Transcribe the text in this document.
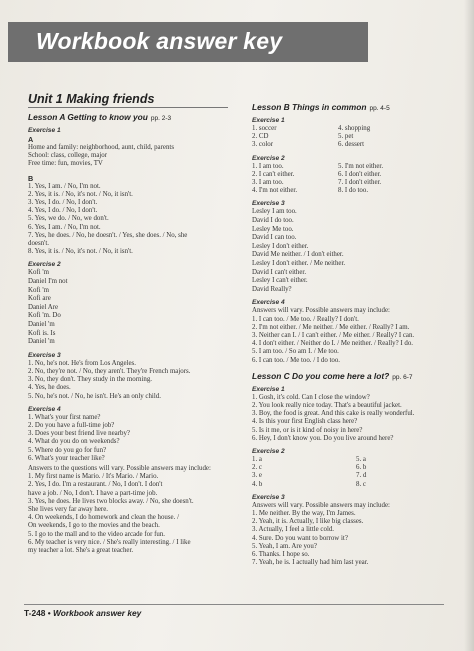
Workbook answer key
Unit 1 Making friends
Lesson A Getting to know you pp. 2-3
Exercise 1
A
Home and family: neighborhood, aunt, child, parents
School: class, college, major
Free time: fun, movies, TV
B
1. Yes, I am. / No, I'm not.
2. Yes, it is. / No, it's not. / No, it isn't.
3. Yes, I do. / No, I don't.
4. Yes, I do. / No, I don't.
5. Yes, we do. / No, we don't.
6. Yes, I am. / No, I'm not.
7. Yes, he does. / No, he doesn't. / Yes, she does. / No, she
doesn't.
8. Yes, it is. / No, it's not. / No, it isn't.
Exercise 2
Kofi 'm
Daniel I'm not
Kofi 'm
Kofi are
Daniel Are
Kofi 'm. Do
Daniel 'm
Kofi is. Is
Daniel 'm
Exercise 3
1. No, he's not. He's from Los Angeles.
2. No, they're not. / No, they aren't. They're French majors.
3. No, they don't. They study in the morning.
4. Yes, he does.
5. No, he's not. / No, he isn't. He's an only child.
Exercise 4
1. What's your first name?
2. Do you have a full-time job?
3. Does your best friend live nearby?
4. What do you do on weekends?
5. Where do you go for fun?
6. What's your teacher like?
Answers to the questions will vary. Possible answers may include:
1. My first name is Mario. / It's Mario. / Mario.
2. Yes, I do. I'm a restaurant. / No, I don't. I don't
have a job. / No, I don't. I have a part-time job.
3. Yes, he does. He lives two blocks away. / No, she doesn't.
She lives very far away here.
4. On weekends, I do homework and clean the house. /
On weekends, I go to the movies and the beach.
5. I go to the mall and to the video arcade for fun.
6. My teacher is very nice. / She's really interesting. / I like
my teacher a lot. She's a great teacher.
Lesson B Things in common pp. 4-5
Exercise 1
1. soccer
2. CD
3. color
4. shopping
5. pet
6. dessert
Exercise 2
1. I am too.
2. I can't either.
3. I am too.
4. I'm not either.
5. I'm not either.
6. I don't either.
7. I don't either.
8. I do too.
Exercise 3
Lesley I am too.
David I do too.
Lesley Me too.
David I can too.
Lesley I don't either.
David Me neither. / I don't either.
Lesley I don't either. / Me neither.
David I can't either.
Lesley I can't either.
David Really?
Exercise 4
Answers will vary. Possible answers may include:
1. I can too. / Me too. / Really? I don't.
2. I'm not either. / Me neither. / Me either. / Really? I am.
3. Neither can I. / I can't either. / Me either. / Really? I can.
4. I don't either. / Neither do I. / Me neither. / Really? I do.
5. I am too. / So am I. / Me too.
6. I can too. / Me too. / I do too.
Lesson C Do you come here a lot? pp. 6-7
Exercise 1
1. Gosh, it's cold. Can I close the window?
2. You look really nice today. That's a beautiful jacket.
3. Boy, the food is great. And this cake is really wonderful.
4. Is this your first English class here?
5. Is it me, or is it kind of noisy in here?
6. Hey, I don't know you. Do you live around here?
Exercise 2
1. a
2. c
3. e
4. b
5. a
6. b
7. d
8. c
Exercise 3
Answers will vary. Possible answers may include:
1. Me neither. By the way, I'm James.
2. Yeah, it is. Actually, I like big classes.
3. Actually, I feel a little cold.
4. Sure. Do you want to borrow it?
5. Yeah, I am. Are you?
6. Thanks. I hope so.
7. Yeah, he is. I actually had him last year.
T-248 • Workbook answer key
